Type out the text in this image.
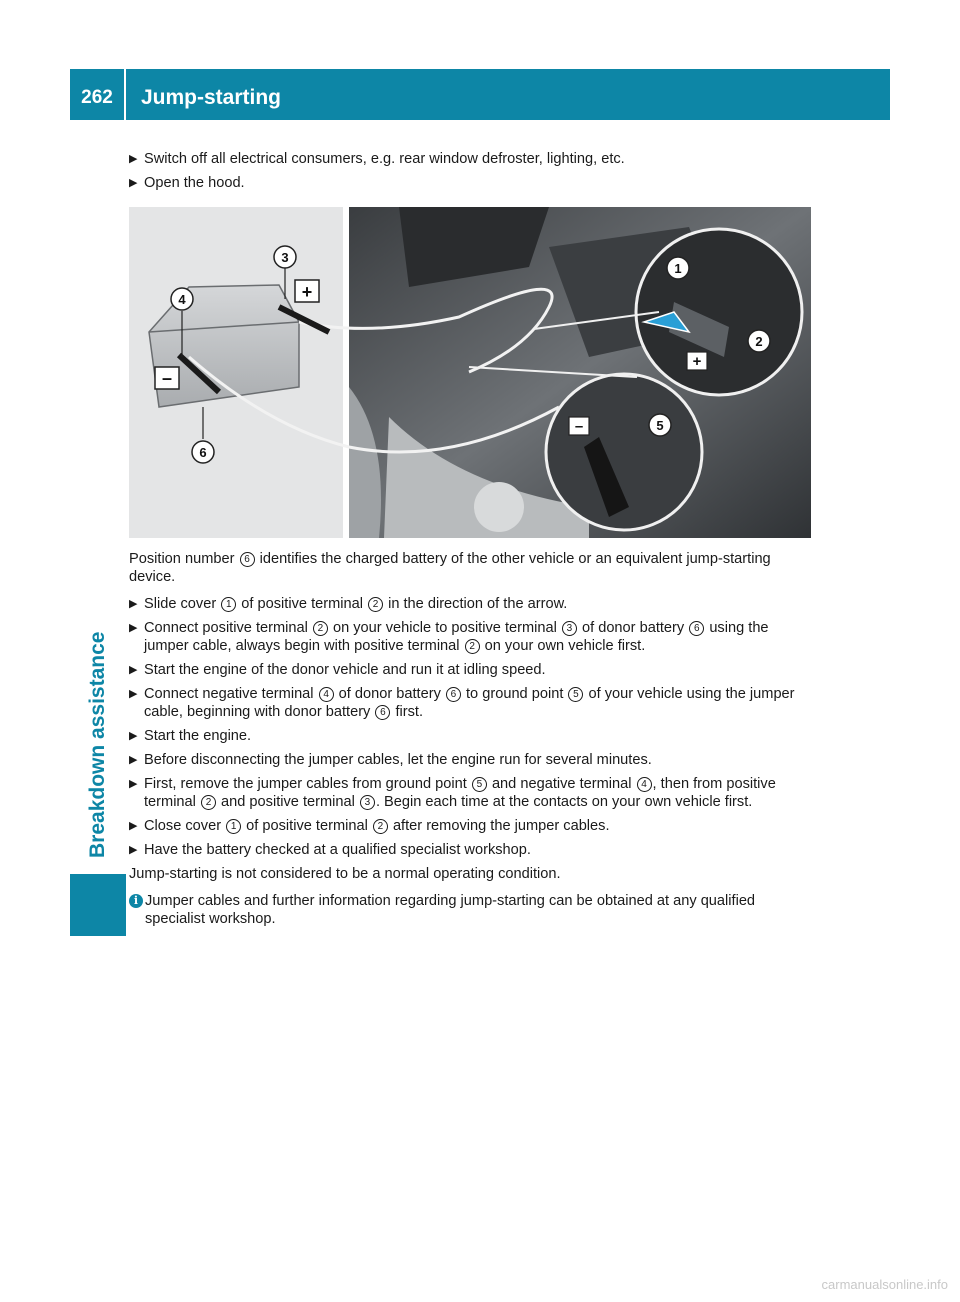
262	Jump-starting
Breakdown assistance
▶ Switch off all electrical consumers, e.g. rear window defroster, lighting, etc.
▶ Open the hood.
–
+
+
–
3
4
6
1
2
5
P54.10-4284-31
Position number 6 identifies the charged battery of the other vehicle or an equivalent jump-starting device.
▶ Slide cover 1 of positive terminal 2 in the direction of the arrow.
▶ Connect positive terminal 2 on your vehicle to positive terminal 3 of donor battery 6 using the jumper cable, always begin with positive terminal 2 on your own vehicle first.
▶ Start the engine of the donor vehicle and run it at idling speed.
▶ Connect negative terminal 4 of donor battery 6 to ground point 5 of your vehicle using the jumper cable, beginning with donor battery 6 first.
▶ Start the engine.
▶ Before disconnecting the jumper cables, let the engine run for several minutes.
▶ First, remove the jumper cables from ground point 5 and negative terminal 4 , then from positive terminal 2 and positive terminal 3 . Begin each time at the contacts on your own vehicle first.
▶ Close cover 1 of positive terminal 2 after removing the jumper cables.
▶ Have the battery checked at a qualified specialist workshop.
Jump-starting is not considered to be a normal operating condition.
i Jumper cables and further information regarding jump-starting can be obtained at any qualified specialist workshop.
carmanualsonline.info
